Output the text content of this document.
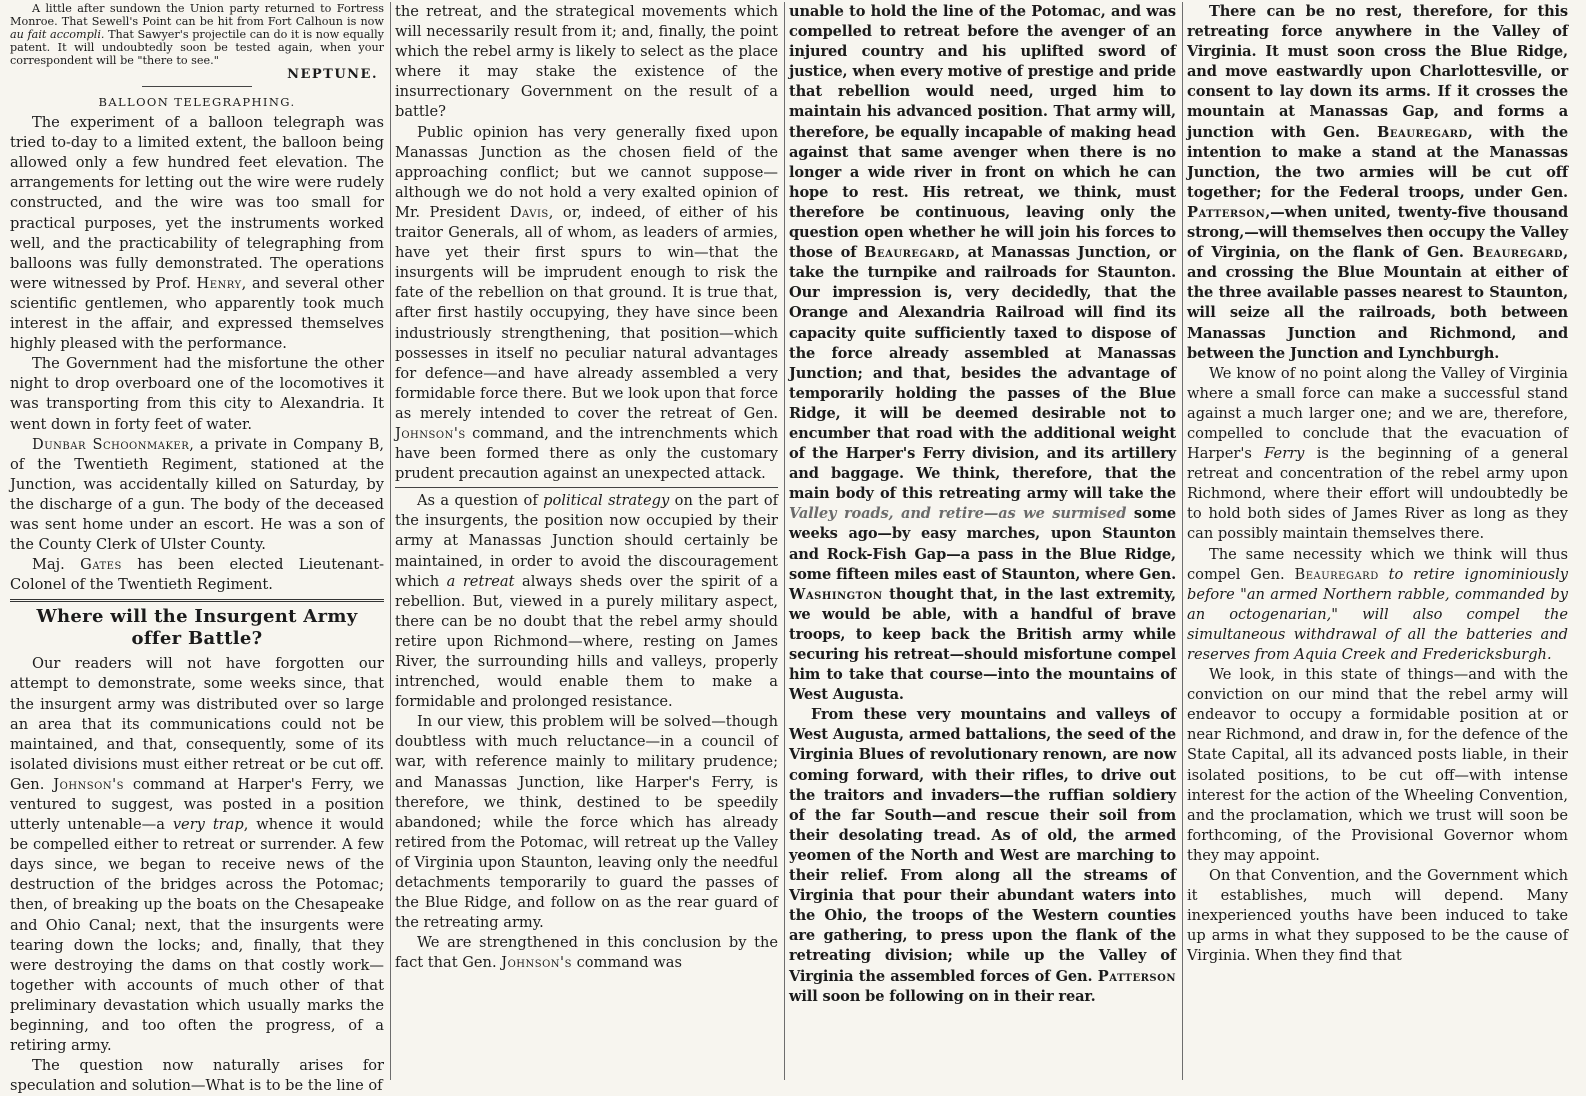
A little after sundown the Union party returned to Fortress Monroe. That Sewell's Point can be hit from Fort Calhoun is now au fait accompli. That Sawyer's projectile can do it is now equally patent. It will undoubtedly soon be tested again, when your correspondent will be "there to see."

NEPTUNE.
BALLOON TELEGRAPHING.

The experiment of a balloon telegraph was tried to-day to a limited extent, the balloon being allowed only a few hundred feet elevation. The arrangements for letting out the wire were rudely constructed, and the wire was too small for practical purposes, yet the instruments worked well, and the practicability of telegraphing from balloons was fully demonstrated. The operations were witnessed by Prof. Henry, and several other scientific gentlemen, who apparently took much interest in the affair, and expressed themselves highly pleased with the performance.

The Government had the misfortune the other night to drop overboard one of the locomotives it was transporting from this city to Alexandria. It went down in forty feet of water.

Dunbar Schoonmaker, a private in Company B, of the Twentieth Regiment, stationed at the Junction, was accidentally killed on Saturday, by the discharge of a gun. The body of the deceased was sent home under an escort. He was a son of the County Clerk of Ulster County.

Maj. Gates has been elected Lieutenant-Colonel of the Twentieth Regiment.

Where will the Insurgent Army offer Battle?

Our readers will not have forgotten our attempt to demonstrate, some weeks since, that the insurgent army was distributed over so large an area that its communications could not be maintained, and that, consequently, some of its isolated divisions must either retreat or be cut off. Gen. Johnson's command at Harper's Ferry, we ventured to suggest, was posted in a position utterly untenable—a very trap, whence it would be compelled either to retreat or surrender. A few days since, we began to receive news of the destruction of the bridges across the Potomac; then, of breaking up the boats on the Chesapeake and Ohio Canal; next, that the insurgents were tearing down the locks; and, finally, that they were destroying the dams on that costly work—together with accounts of much other of that preliminary devastation which usually marks the beginning, and too often the progress, of a retiring army.

The question now naturally arises for speculation and solution—What is to be the line of

the retreat, and the strategical movements which will necessarily result from it; and, finally, the point which the rebel army is likely to select as the place where it may stake the existence of the insurrectionary Government on the result of a battle?

Public opinion has very generally fixed upon Manassas Junction as the chosen field of the approaching conflict; but we cannot suppose—although we do not hold a very exalted opinion of Mr. President Davis, or, indeed, of either of his traitor Generals, all of whom, as leaders of armies, have yet their first spurs to win—that the insurgents will be imprudent enough to risk the fate of the rebellion on that ground. It is true that, after first hastily occupying, they have since been industriously strengthening, that position—which possesses in itself no peculiar natural advantages for defence—and have already assembled a very formidable force there. But we look upon that force as merely intended to cover the retreat of Gen. Johnson's command, and the intrenchments which have been formed there as only the customary prudent precaution against an unexpected attack.

As a question of political strategy on the part of the insurgents, the position now occupied by their army at Manassas Junction should certainly be maintained, in order to avoid the discouragement which a retreat always sheds over the spirit of a rebellion. But, viewed in a purely military aspect, there can be no doubt that the rebel army should retire upon Richmond—where, resting on James River, the surrounding hills and valleys, properly intrenched, would enable them to make a formidable and prolonged resistance.

In our view, this problem will be solved—though doubtless with much reluctance—in a council of war, with reference mainly to military prudence; and Manassas Junction, like Harper's Ferry, is therefore, we think, destined to be speedily abandoned; while the force which has already retired from the Potomac, will retreat up the Valley of Virginia upon Staunton, leaving only the needful detachments temporarily to guard the passes of the Blue Ridge, and follow on as the rear guard of the retreating army.

We are strengthened in this conclusion by the fact that Gen. Johnson's command was

unable to hold the line of the Potomac, and was compelled to retreat before the avenger of an injured country and his uplifted sword of justice, when every motive of prestige and pride that rebellion would need, urged him to maintain his advanced position. That army will, therefore, be equally incapable of making head against that same avenger when there is no longer a wide river in front on which he can hope to rest. His retreat, we think, must therefore be continuous, leaving only the question open whether he will join his forces to those of Beauregard, at Manassas Junction, or take the turnpike and railroads for Staunton. Our impression is, very decidedly, that the Orange and Alexandria Railroad will find its capacity quite sufficiently taxed to dispose of the force already assembled at Manassas Junction; and that, besides the advantage of temporarily holding the passes of the Blue Ridge, it will be deemed desirable not to encumber that road with the additional weight of the Harper's Ferry division, and its artillery and baggage. We think, therefore, that the main body of this retreating army will take the Valley roads, and retire—as we surmised some weeks ago—by easy marches, upon Staunton and Rock-Fish Gap—a pass in the Blue Ridge, some fifteen miles east of Staunton, where Gen. Washington thought that, in the last extremity, we would be able, with a handful of brave troops, to keep back the British army while securing his retreat—should misfortune compel him to take that course—into the mountains of West Augusta.

From these very mountains and valleys of West Augusta, armed battalions, the seed of the Virginia Blues of revolutionary renown, are now coming forward, with their rifles, to drive out the traitors and invaders—the ruffian soldiery of the far South—and rescue their soil from their desolating tread. As of old, the armed yeomen of the North and West are marching to their relief. From along all the streams of Virginia that pour their abundant waters into the Ohio, the troops of the Western counties are gathering, to press upon the flank of the retreating division; while up the Valley of Virginia the assembled forces of Gen. Patterson will soon be following on in their rear.

There can be no rest, therefore, for this retreating force anywhere in the Valley of Virginia. It must soon cross the Blue Ridge, and move eastwardly upon Charlottesville, or consent to lay down its arms. If it crosses the mountain at Manassas Gap, and forms a junction with Gen. Beauregard, with the intention to make a stand at the Manassas Junction, the two armies will be cut off together; for the Federal troops, under Gen. Patterson,—when united, twenty-five thousand strong,—will themselves then occupy the Valley of Virginia, on the flank of Gen. Beauregard, and crossing the Blue Mountain at either of the three available passes nearest to Staunton, will seize all the railroads, both between Manassas Junction and Richmond, and between the Junction and Lynchburgh.

We know of no point along the Valley of Virginia where a small force can make a successful stand against a much larger one; and we are, therefore, compelled to conclude that the evacuation of Harper's Ferry is the beginning of a general retreat and concentration of the rebel army upon Richmond, where their effort will undoubtedly be to hold both sides of James River as long as they can possibly maintain themselves there.

The same necessity which we think will thus compel Gen. Beauregard to retire ignominiously before "an armed Northern rabble, commanded by an octogenarian," will also compel the simultaneous withdrawal of all the batteries and reserves from Aquia Creek and Fredericksburgh.

We look, in this state of things—and with the conviction on our mind that the rebel army will endeavor to occupy a formidable position at or near Richmond, and draw in, for the defence of the State Capital, all its advanced posts liable, in their isolated positions, to be cut off—with intense interest for the action of the Wheeling Convention, and the proclamation, which we trust will soon be forthcoming, of the Provisional Governor whom they may appoint.

On that Convention, and the Government which it establishes, much will depend. Many inexperienced youths have been induced to take up arms in what they supposed to be the cause of Virginia. When they find that
